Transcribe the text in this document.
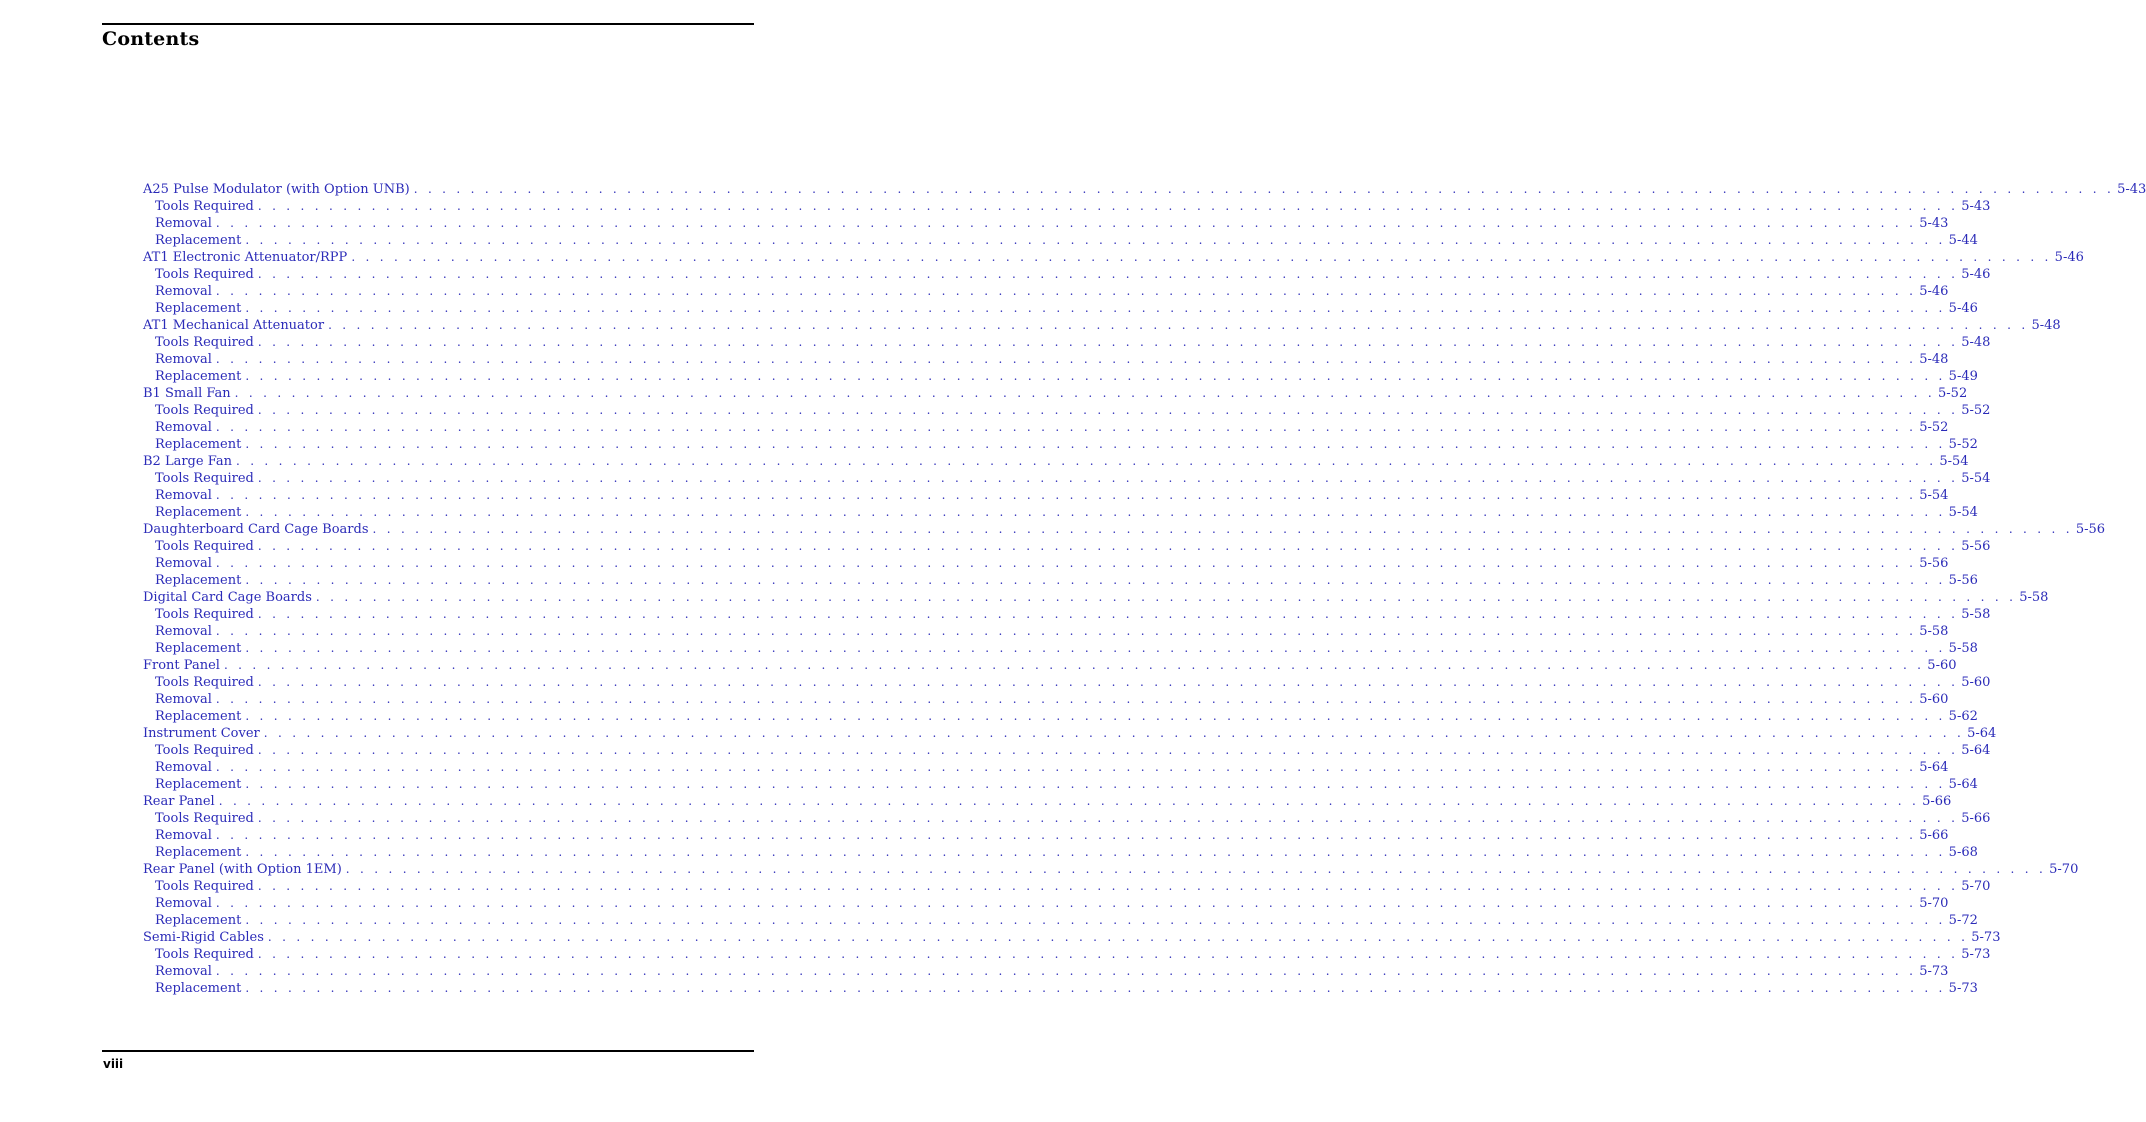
Contents
A25 Pulse Modulator (with Option UNB) . . . . . . . . . . . . . . . . . . . . . . . . . . . . . . . . . . . . . . . . . . . . . . . . . . . . . . . . . . . . . . . . . . . . . . . . . . . . . . . . . . . . . . . . . . . . . . . . . . . . . . . . . . . . . . . . . . . . . . . . 5-43
Tools Required . . . . . . . . . . . . . . . . . . . . . . . . . . . . . . . . . . . . . . . . . . . . . . . . . . . . . . . . . . . . . . . . . . . . . . . . . . . . . . . . . . . . . . . . . . . . . . . . . . . . . . . . . . . . . . . . . . . . . . . . 5-43
Removal . . . . . . . . . . . . . . . . . . . . . . . . . . . . . . . . . . . . . . . . . . . . . . . . . . . . . . . . . . . . . . . . . . . . . . . . . . . . . . . . . . . . . . . . . . . . . . . . . . . . . . . . . . . . . . . . . . . . . . . . 5-43
Replacement . . . . . . . . . . . . . . . . . . . . . . . . . . . . . . . . . . . . . . . . . . . . . . . . . . . . . . . . . . . . . . . . . . . . . . . . . . . . . . . . . . . . . . . . . . . . . . . . . . . . . . . . . . . . . . . . . . . . . . . . 5-44
AT1 Electronic Attenuator/RPP . . . . . . . . . . . . . . . . . . . . . . . . . . . . . . . . . . . . . . . . . . . . . . . . . . . . . . . . . . . . . . . . . . . . . . . . . . . . . . . . . . . . . . . . . . . . . . . . . . . . . . . . . . . . . . . . . . . . . . . . 5-46
Tools Required . . . . . . . . . . . . . . . . . . . . . . . . . . . . . . . . . . . . . . . . . . . . . . . . . . . . . . . . . . . . . . . . . . . . . . . . . . . . . . . . . . . . . . . . . . . . . . . . . . . . . . . . . . . . . . . . . . . . . . . . 5-46
Removal . . . . . . . . . . . . . . . . . . . . . . . . . . . . . . . . . . . . . . . . . . . . . . . . . . . . . . . . . . . . . . . . . . . . . . . . . . . . . . . . . . . . . . . . . . . . . . . . . . . . . . . . . . . . . . . . . . . . . . . . 5-46
Replacement . . . . . . . . . . . . . . . . . . . . . . . . . . . . . . . . . . . . . . . . . . . . . . . . . . . . . . . . . . . . . . . . . . . . . . . . . . . . . . . . . . . . . . . . . . . . . . . . . . . . . . . . . . . . . . . . . . . . . . . . 5-46
AT1 Mechanical Attenuator . . . . . . . . . . . . . . . . . . . . . . . . . . . . . . . . . . . . . . . . . . . . . . . . . . . . . . . . . . . . . . . . . . . . . . . . . . . . . . . . . . . . . . . . . . . . . . . . . . . . . . . . . . . . . . . . . . . . . . . . 5-48
Tools Required . . . . . . . . . . . . . . . . . . . . . . . . . . . . . . . . . . . . . . . . . . . . . . . . . . . . . . . . . . . . . . . . . . . . . . . . . . . . . . . . . . . . . . . . . . . . . . . . . . . . . . . . . . . . . . . . . . . . . . . . 5-48
Removal . . . . . . . . . . . . . . . . . . . . . . . . . . . . . . . . . . . . . . . . . . . . . . . . . . . . . . . . . . . . . . . . . . . . . . . . . . . . . . . . . . . . . . . . . . . . . . . . . . . . . . . . . . . . . . . . . . . . . . . . 5-48
Replacement . . . . . . . . . . . . . . . . . . . . . . . . . . . . . . . . . . . . . . . . . . . . . . . . . . . . . . . . . . . . . . . . . . . . . . . . . . . . . . . . . . . . . . . . . . . . . . . . . . . . . . . . . . . . . . . . . . . . . . . . 5-49
B1 Small Fan . . . . . . . . . . . . . . . . . . . . . . . . . . . . . . . . . . . . . . . . . . . . . . . . . . . . . . . . . . . . . . . . . . . . . . . . . . . . . . . . . . . . . . . . . . . . . . . . . . . . . . . . . . . . . . . . . . . . . . . . 5-52
Tools Required . . . . . . . . . . . . . . . . . . . . . . . . . . . . . . . . . . . . . . . . . . . . . . . . . . . . . . . . . . . . . . . . . . . . . . . . . . . . . . . . . . . . . . . . . . . . . . . . . . . . . . . . . . . . . . . . . . . . . . . . 5-52
Removal . . . . . . . . . . . . . . . . . . . . . . . . . . . . . . . . . . . . . . . . . . . . . . . . . . . . . . . . . . . . . . . . . . . . . . . . . . . . . . . . . . . . . . . . . . . . . . . . . . . . . . . . . . . . . . . . . . . . . . . . 5-52
Replacement . . . . . . . . . . . . . . . . . . . . . . . . . . . . . . . . . . . . . . . . . . . . . . . . . . . . . . . . . . . . . . . . . . . . . . . . . . . . . . . . . . . . . . . . . . . . . . . . . . . . . . . . . . . . . . . . . . . . . . . . 5-52
B2 Large Fan . . . . . . . . . . . . . . . . . . . . . . . . . . . . . . . . . . . . . . . . . . . . . . . . . . . . . . . . . . . . . . . . . . . . . . . . . . . . . . . . . . . . . . . . . . . . . . . . . . . . . . . . . . . . . . . . . . . . . . . . 5-54
Tools Required . . . . . . . . . . . . . . . . . . . . . . . . . . . . . . . . . . . . . . . . . . . . . . . . . . . . . . . . . . . . . . . . . . . . . . . . . . . . . . . . . . . . . . . . . . . . . . . . . . . . . . . . . . . . . . . . . . . . . . . . 5-54
Removal . . . . . . . . . . . . . . . . . . . . . . . . . . . . . . . . . . . . . . . . . . . . . . . . . . . . . . . . . . . . . . . . . . . . . . . . . . . . . . . . . . . . . . . . . . . . . . . . . . . . . . . . . . . . . . . . . . . . . . . . 5-54
Replacement . . . . . . . . . . . . . . . . . . . . . . . . . . . . . . . . . . . . . . . . . . . . . . . . . . . . . . . . . . . . . . . . . . . . . . . . . . . . . . . . . . . . . . . . . . . . . . . . . . . . . . . . . . . . . . . . . . . . . . . . 5-54
Daughterboard Card Cage Boards . . . . . . . . . . . . . . . . . . . . . . . . . . . . . . . . . . . . . . . . . . . . . . . . . . . . . . . . . . . . . . . . . . . . . . . . . . . . . . . . . . . . . . . . . . . . . . . . . . . . . . . . . . . . . . . . . . . . . . . . 5-56
Tools Required . . . . . . . . . . . . . . . . . . . . . . . . . . . . . . . . . . . . . . . . . . . . . . . . . . . . . . . . . . . . . . . . . . . . . . . . . . . . . . . . . . . . . . . . . . . . . . . . . . . . . . . . . . . . . . . . . . . . . . . . 5-56
Removal . . . . . . . . . . . . . . . . . . . . . . . . . . . . . . . . . . . . . . . . . . . . . . . . . . . . . . . . . . . . . . . . . . . . . . . . . . . . . . . . . . . . . . . . . . . . . . . . . . . . . . . . . . . . . . . . . . . . . . . . 5-56
Replacement . . . . . . . . . . . . . . . . . . . . . . . . . . . . . . . . . . . . . . . . . . . . . . . . . . . . . . . . . . . . . . . . . . . . . . . . . . . . . . . . . . . . . . . . . . . . . . . . . . . . . . . . . . . . . . . . . . . . . . . . 5-56
Digital Card Cage Boards . . . . . . . . . . . . . . . . . . . . . . . . . . . . . . . . . . . . . . . . . . . . . . . . . . . . . . . . . . . . . . . . . . . . . . . . . . . . . . . . . . . . . . . . . . . . . . . . . . . . . . . . . . . . . . . . . . . . . . . . 5-58
Tools Required . . . . . . . . . . . . . . . . . . . . . . . . . . . . . . . . . . . . . . . . . . . . . . . . . . . . . . . . . . . . . . . . . . . . . . . . . . . . . . . . . . . . . . . . . . . . . . . . . . . . . . . . . . . . . . . . . . . . . . . . 5-58
Removal . . . . . . . . . . . . . . . . . . . . . . . . . . . . . . . . . . . . . . . . . . . . . . . . . . . . . . . . . . . . . . . . . . . . . . . . . . . . . . . . . . . . . . . . . . . . . . . . . . . . . . . . . . . . . . . . . . . . . . . . 5-58
Replacement . . . . . . . . . . . . . . . . . . . . . . . . . . . . . . . . . . . . . . . . . . . . . . . . . . . . . . . . . . . . . . . . . . . . . . . . . . . . . . . . . . . . . . . . . . . . . . . . . . . . . . . . . . . . . . . . . . . . . . . . 5-58
Front Panel . . . . . . . . . . . . . . . . . . . . . . . . . . . . . . . . . . . . . . . . . . . . . . . . . . . . . . . . . . . . . . . . . . . . . . . . . . . . . . . . . . . . . . . . . . . . . . . . . . . . . . . . . . . . . . . . . . . . . . . . 5-60
Tools Required . . . . . . . . . . . . . . . . . . . . . . . . . . . . . . . . . . . . . . . . . . . . . . . . . . . . . . . . . . . . . . . . . . . . . . . . . . . . . . . . . . . . . . . . . . . . . . . . . . . . . . . . . . . . . . . . . . . . . . . . 5-60
Removal . . . . . . . . . . . . . . . . . . . . . . . . . . . . . . . . . . . . . . . . . . . . . . . . . . . . . . . . . . . . . . . . . . . . . . . . . . . . . . . . . . . . . . . . . . . . . . . . . . . . . . . . . . . . . . . . . . . . . . . . 5-60
Replacement . . . . . . . . . . . . . . . . . . . . . . . . . . . . . . . . . . . . . . . . . . . . . . . . . . . . . . . . . . . . . . . . . . . . . . . . . . . . . . . . . . . . . . . . . . . . . . . . . . . . . . . . . . . . . . . . . . . . . . . . 5-62
Instrument Cover . . . . . . . . . . . . . . . . . . . . . . . . . . . . . . . . . . . . . . . . . . . . . . . . . . . . . . . . . . . . . . . . . . . . . . . . . . . . . . . . . . . . . . . . . . . . . . . . . . . . . . . . . . . . . . . . . . . . . . . . 5-64
Tools Required . . . . . . . . . . . . . . . . . . . . . . . . . . . . . . . . . . . . . . . . . . . . . . . . . . . . . . . . . . . . . . . . . . . . . . . . . . . . . . . . . . . . . . . . . . . . . . . . . . . . . . . . . . . . . . . . . . . . . . . . 5-64
Removal . . . . . . . . . . . . . . . . . . . . . . . . . . . . . . . . . . . . . . . . . . . . . . . . . . . . . . . . . . . . . . . . . . . . . . . . . . . . . . . . . . . . . . . . . . . . . . . . . . . . . . . . . . . . . . . . . . . . . . . . 5-64
Replacement . . . . . . . . . . . . . . . . . . . . . . . . . . . . . . . . . . . . . . . . . . . . . . . . . . . . . . . . . . . . . . . . . . . . . . . . . . . . . . . . . . . . . . . . . . . . . . . . . . . . . . . . . . . . . . . . . . . . . . . . 5-64
Rear Panel . . . . . . . . . . . . . . . . . . . . . . . . . . . . . . . . . . . . . . . . . . . . . . . . . . . . . . . . . . . . . . . . . . . . . . . . . . . . . . . . . . . . . . . . . . . . . . . . . . . . . . . . . . . . . . . . . . . . . . . . 5-66
Tools Required . . . . . . . . . . . . . . . . . . . . . . . . . . . . . . . . . . . . . . . . . . . . . . . . . . . . . . . . . . . . . . . . . . . . . . . . . . . . . . . . . . . . . . . . . . . . . . . . . . . . . . . . . . . . . . . . . . . . . . . . 5-66
Removal . . . . . . . . . . . . . . . . . . . . . . . . . . . . . . . . . . . . . . . . . . . . . . . . . . . . . . . . . . . . . . . . . . . . . . . . . . . . . . . . . . . . . . . . . . . . . . . . . . . . . . . . . . . . . . . . . . . . . . . . 5-66
Replacement . . . . . . . . . . . . . . . . . . . . . . . . . . . . . . . . . . . . . . . . . . . . . . . . . . . . . . . . . . . . . . . . . . . . . . . . . . . . . . . . . . . . . . . . . . . . . . . . . . . . . . . . . . . . . . . . . . . . . . . . 5-68
Rear Panel (with Option 1EM) . . . . . . . . . . . . . . . . . . . . . . . . . . . . . . . . . . . . . . . . . . . . . . . . . . . . . . . . . . . . . . . . . . . . . . . . . . . . . . . . . . . . . . . . . . . . . . . . . . . . . . . . . . . . . . . . . . . . . . . . 5-70
Tools Required . . . . . . . . . . . . . . . . . . . . . . . . . . . . . . . . . . . . . . . . . . . . . . . . . . . . . . . . . . . . . . . . . . . . . . . . . . . . . . . . . . . . . . . . . . . . . . . . . . . . . . . . . . . . . . . . . . . . . . . . 5-70
Removal . . . . . . . . . . . . . . . . . . . . . . . . . . . . . . . . . . . . . . . . . . . . . . . . . . . . . . . . . . . . . . . . . . . . . . . . . . . . . . . . . . . . . . . . . . . . . . . . . . . . . . . . . . . . . . . . . . . . . . . . 5-70
Replacement . . . . . . . . . . . . . . . . . . . . . . . . . . . . . . . . . . . . . . . . . . . . . . . . . . . . . . . . . . . . . . . . . . . . . . . . . . . . . . . . . . . . . . . . . . . . . . . . . . . . . . . . . . . . . . . . . . . . . . . . 5-72
Semi-Rigid Cables . . . . . . . . . . . . . . . . . . . . . . . . . . . . . . . . . . . . . . . . . . . . . . . . . . . . . . . . . . . . . . . . . . . . . . . . . . . . . . . . . . . . . . . . . . . . . . . . . . . . . . . . . . . . . . . . . . . . . . . . 5-73
Tools Required . . . . . . . . . . . . . . . . . . . . . . . . . . . . . . . . . . . . . . . . . . . . . . . . . . . . . . . . . . . . . . . . . . . . . . . . . . . . . . . . . . . . . . . . . . . . . . . . . . . . . . . . . . . . . . . . . . . . . . . . 5-73
Removal . . . . . . . . . . . . . . . . . . . . . . . . . . . . . . . . . . . . . . . . . . . . . . . . . . . . . . . . . . . . . . . . . . . . . . . . . . . . . . . . . . . . . . . . . . . . . . . . . . . . . . . . . . . . . . . . . . . . . . . . 5-73
Replacement . . . . . . . . . . . . . . . . . . . . . . . . . . . . . . . . . . . . . . . . . . . . . . . . . . . . . . . . . . . . . . . . . . . . . . . . . . . . . . . . . . . . . . . . . . . . . . . . . . . . . . . . . . . . . . . . . . . . . . . . 5-73
viii
